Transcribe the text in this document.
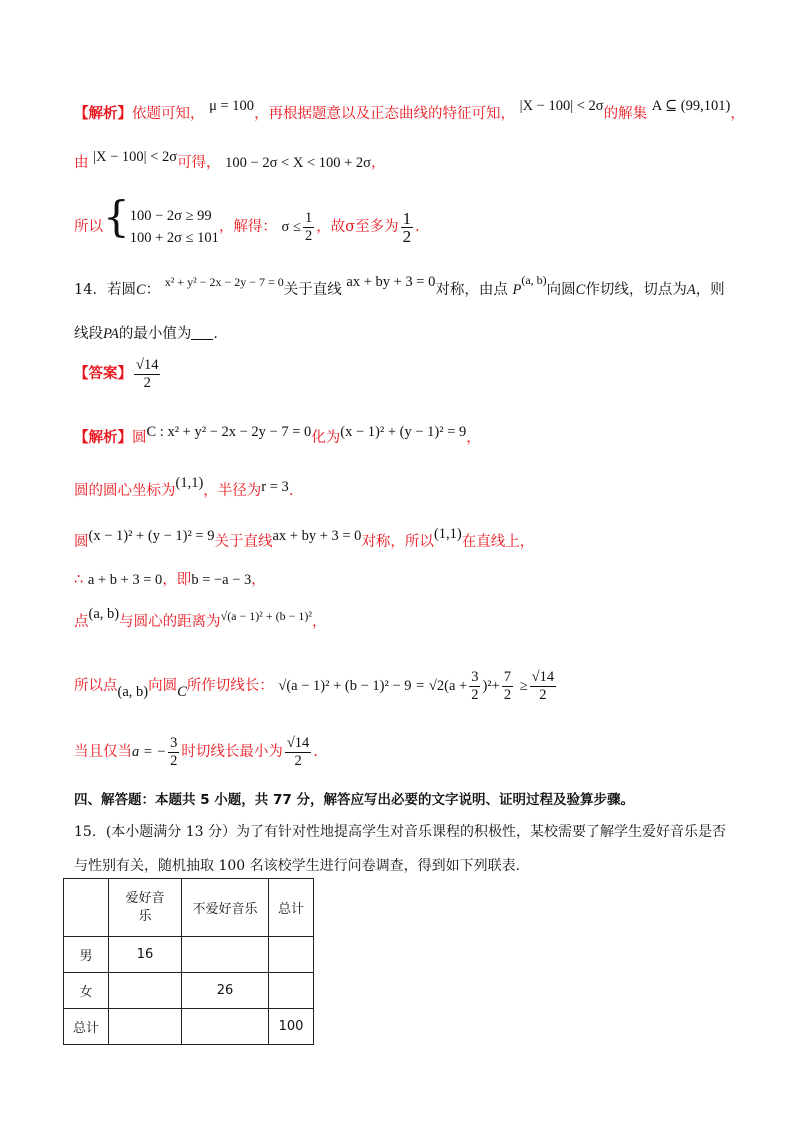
【解析】依题可知， μ = 100，再根据题意以及正态曲线的特征可知， |X − 100| < 2σ的解集 A ⊆ (99,101)，
由 |X − 100| < 2σ可得， 100 − 2σ < X < 100 + 2σ，
所以{ 100 − 2σ ≥ 99
100 + 2σ ≤ 101
，解得： $\sigma \le \frac{1}{2}$ ，故σ至多为 $\frac{1}{2}$ .
14．若圆C： $^{x^2 + y^2 - 2x - 2y - 7 = 0}$关于直线 ax + by + 3 = 0对称，由点 P$^{(a, b)}$向圆C作切线，切点为A，则
线段PA的最小值为 ．
【答案】 $\frac{√14}{2}$
【解析】圆C : x² + y² − 2x − 2y − 7 = 0化为(x − 1)² + (y − 1)² = 9，
圆的圆心坐标为(1,1)，半径为r = 3.
圆(x − 1)² + (y − 1)² = 9关于直线ax + by + 3 = 0对称，所以(1,1)在直线上，
∴ a + b + 3 = 0，即b = −a − 3，
点(a, b)与圆心的距离为$^{√(a - 1)^2 + (b - 1)^2}$，
所以点(a, b)向圆C所作切线长： $√(a - 1)^2 + (b - 1)^2 - 9 = √2(a + \frac{3}{2} )^2+ \frac{7}{2} \ge \frac{√14}{2}$
当且仅当a = − $\frac{3}{2}$ 时切线长最小为 $\frac{√14}{2}$ .
四、解答题：本题共 5 小题，共 77 分，解答应写出必要的文字说明、证明过程及验算步骤。
15．(本小题满分 13 分）为了有针对性地提高学生对音乐课程的积极性，某校需要了解学生爱好音乐是否
与性别有关，随机抽取 100 名该校学生进行问卷调查，得到如下列联表.

	爱好音乐	不爱好音乐	总计
男	16		
女		26	
总计			100
